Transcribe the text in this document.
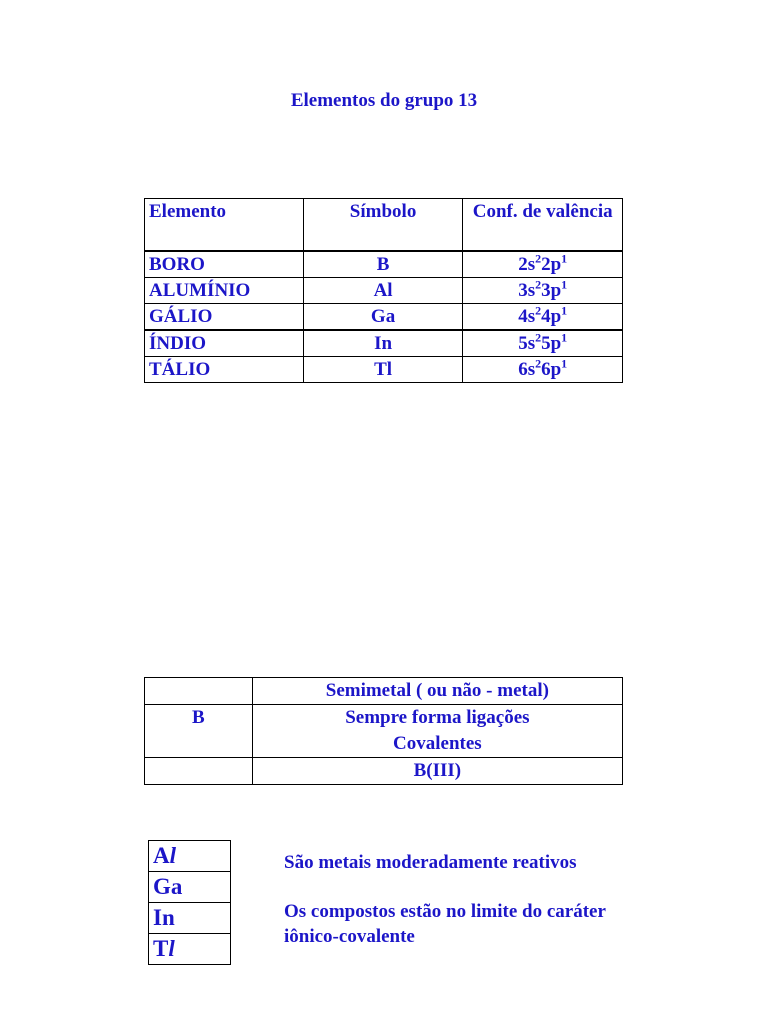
Elementos do grupo 13
Elemento	Símbolo	Conf. de valência
BORO	B	$2s^22p^1$
ALUMÍNIO	Al	$3s^23p^1$
GÁLIO	Ga	$4s^24p^1$
ÍNDIO	In	$5s^25p^1$
TÁLIO	Tl	$6s^26p^1$
	Semimetal ( ou não - metal)
B	Sempre forma ligações
Covalentes

	B(III)
Al
Ga
In
Tl
São metais moderadamente reativos
Os compostos estão no limite do caráter
iônico-covalente
